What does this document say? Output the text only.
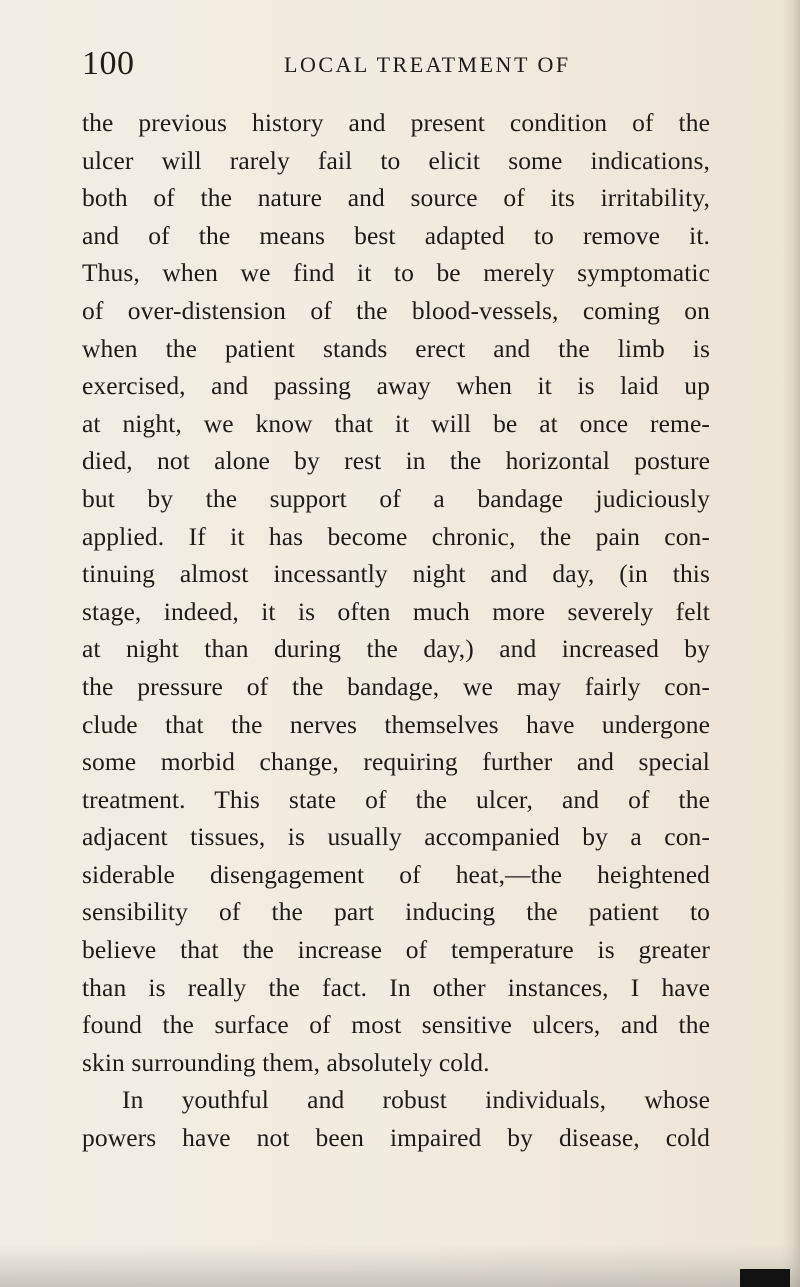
100	LOCAL TREATMENT OF
the previous history and present condition of the
ulcer will rarely fail to elicit some indications,
both of the nature and source of its irritability,
and of the means best adapted to remove it.
Thus, when we find it to be merely symptomatic
of over-distension of the blood-vessels, coming on
when the patient stands erect and the limb is
exercised, and passing away when it is laid up
at night, we know that it will be at once reme-
died, not alone by rest in the horizontal posture
but by the support of a bandage judiciously
applied. If it has become chronic, the pain con-
tinuing almost incessantly night and day, (in this
stage, indeed, it is often much more severely felt
at night than during the day,) and increased by
the pressure of the bandage, we may fairly con-
clude that the nerves themselves have undergone
some morbid change, requiring further and special
treatment. This state of the ulcer, and of the
adjacent tissues, is usually accompanied by a con-
siderable disengagement of heat,—the heightened
sensibility of the part inducing the patient to
believe that the increase of temperature is greater
than is really the fact. In other instances, I have
found the surface of most sensitive ulcers, and the
skin surrounding them, absolutely cold.
In youthful and robust individuals, whose
powers have not been impaired by disease, cold
